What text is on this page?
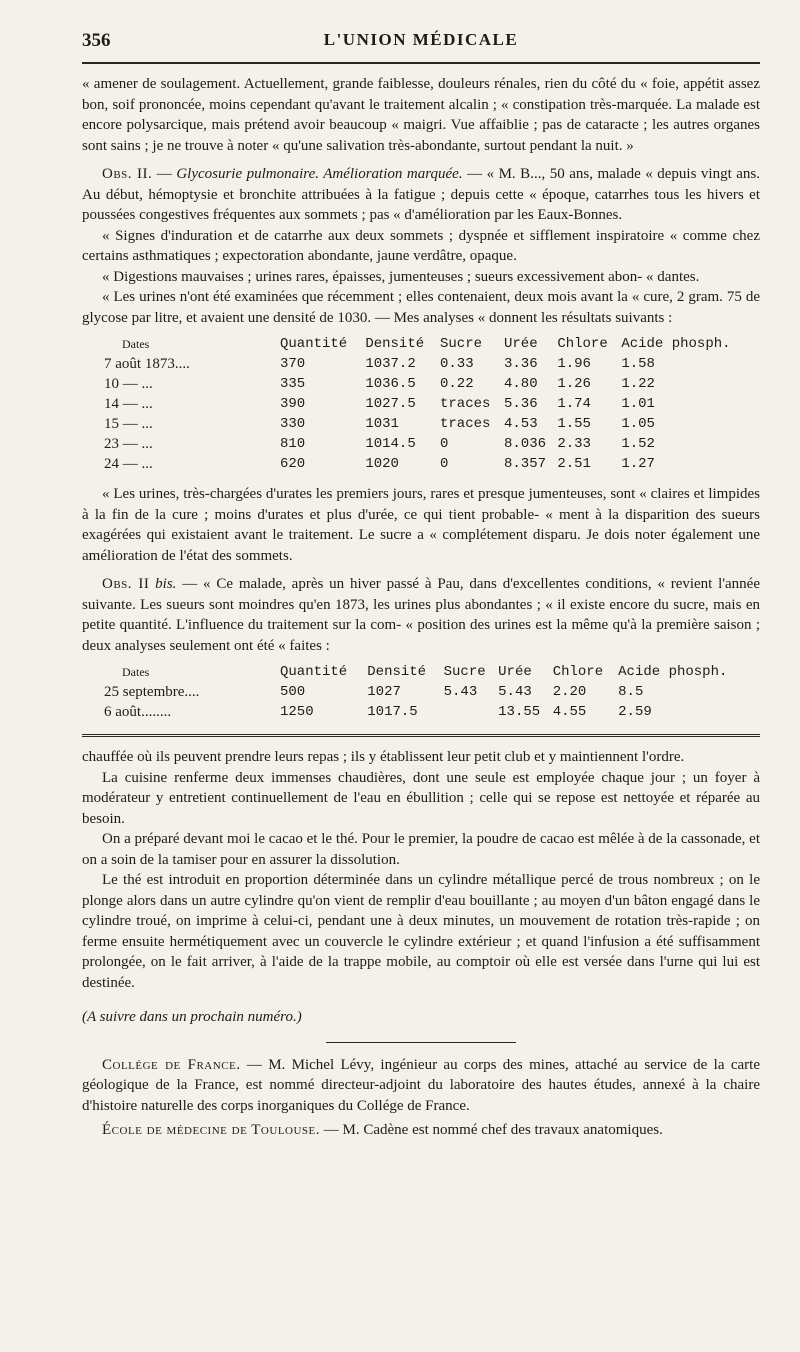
356	L'UNION MÉDICALE

« amener de soulagement. Actuellement, grande faiblesse, douleurs rénales, rien du côté du « foie, appétit assez bon, soif prononcée, moins cependant qu'avant le traitement alcalin ; « constipation très-marquée. La malade est encore polysarcique, mais prétend avoir beaucoup « maigri. Vue affaiblie ; pas de cataracte ; les autres organes sont sains ; je ne trouve à noter « qu'une salivation très-abondante, surtout pendant la nuit. »

Obs. II. — Glycosurie pulmonaire. Amélioration marquée. — « M. B..., 50 ans, malade « depuis vingt ans. Au début, hémoptysie et bronchite attribuées à la fatigue ; depuis cette « époque, catarrhes tous les hivers et poussées congestives fréquentes aux sommets ; pas « d'amélioration par les Eaux-Bonnes.

« Signes d'induration et de catarrhe aux deux sommets ; dyspnée et sifflement inspiratoire « comme chez certains asthmatiques ; expectoration abondante, jaune verdâtre, opaque.

« Digestions mauvaises ; urines rares, épaisses, jumenteuses ; sueurs excessivement abon- « dantes.

« Les urines n'ont été examinées que récemment ; elles contenaient, deux mois avant la « cure, 2 gram. 75 de glycose par litre, et avaient une densité de 1030. — Mes analyses « donnent les résultats suivants :

Dates	Quantité	Densité	Sucre	Urée	Chlore	Acide phosph.
7 août 1873....	370	1037.2	0.33	3.36	1.96	1.58
10 — ...	335	1036.5	0.22	4.80	1.26	1.22
14 — ...	390	1027.5	traces	5.36	1.74	1.01
15 — ...	330	1031	traces	4.53	1.55	1.05
23 — ...	810	1014.5	0	8.036	2.33	1.52
24 — ...	620	1020	0	8.357	2.51	1.27

« Les urines, très-chargées d'urates les premiers jours, rares et presque jumenteuses, sont « claires et limpides à la fin de la cure ; moins d'urates et plus d'urée, ce qui tient probable- « ment à la disparition des sueurs exagérées qui existaient avant le traitement. Le sucre a « complétement disparu. Je dois noter également une amélioration de l'état des sommets.

Obs. II bis. — « Ce malade, après un hiver passé à Pau, dans d'excellentes conditions, « revient l'année suivante. Les sueurs sont moindres qu'en 1873, les urines plus abondantes ; « il existe encore du sucre, mais en petite quantité. L'influence du traitement sur la com- « position des urines est la même qu'à la première saison ; deux analyses seulement ont été « faites :

Dates	Quantité	Densité	Sucre	Urée	Chlore	Acide phosph.
25 septembre....	500	1027	5.43	5.43	2.20	8.5
6 août........	1250	1017.5		13.55	4.55	2.59

chauffée où ils peuvent prendre leurs repas ; ils y établissent leur petit club et y maintiennent l'ordre.

La cuisine renferme deux immenses chaudières, dont une seule est employée chaque jour ; un foyer à modérateur y entretient continuellement de l'eau en ébullition ; celle qui se repose est nettoyée et réparée au besoin.

On a préparé devant moi le cacao et le thé. Pour le premier, la poudre de cacao est mêlée à de la cassonade, et on a soin de la tamiser pour en assurer la dissolution.

Le thé est introduit en proportion déterminée dans un cylindre métallique percé de trous nombreux ; on le plonge alors dans un autre cylindre qu'on vient de remplir d'eau bouillante ; au moyen d'un bâton engagé dans le cylindre troué, on imprime à celui-ci, pendant une à deux minutes, un mouvement de rotation très-rapide ; on ferme ensuite hermétiquement avec un couvercle le cylindre extérieur ; et quand l'infusion a été suffisamment prolongée, on le fait arriver, à l'aide de la trappe mobile, au comptoir où elle est versée dans l'urne qui lui est destinée.

(A suivre dans un prochain numéro.)

Collége de France. — M. Michel Lévy, ingénieur au corps des mines, attaché au service de la carte géologique de la France, est nommé directeur-adjoint du laboratoire des hautes études, annexé à la chaire d'histoire naturelle des corps inorganiques du Collége de France.

École de médecine de Toulouse. — M. Cadène est nommé chef des travaux anatomiques.
